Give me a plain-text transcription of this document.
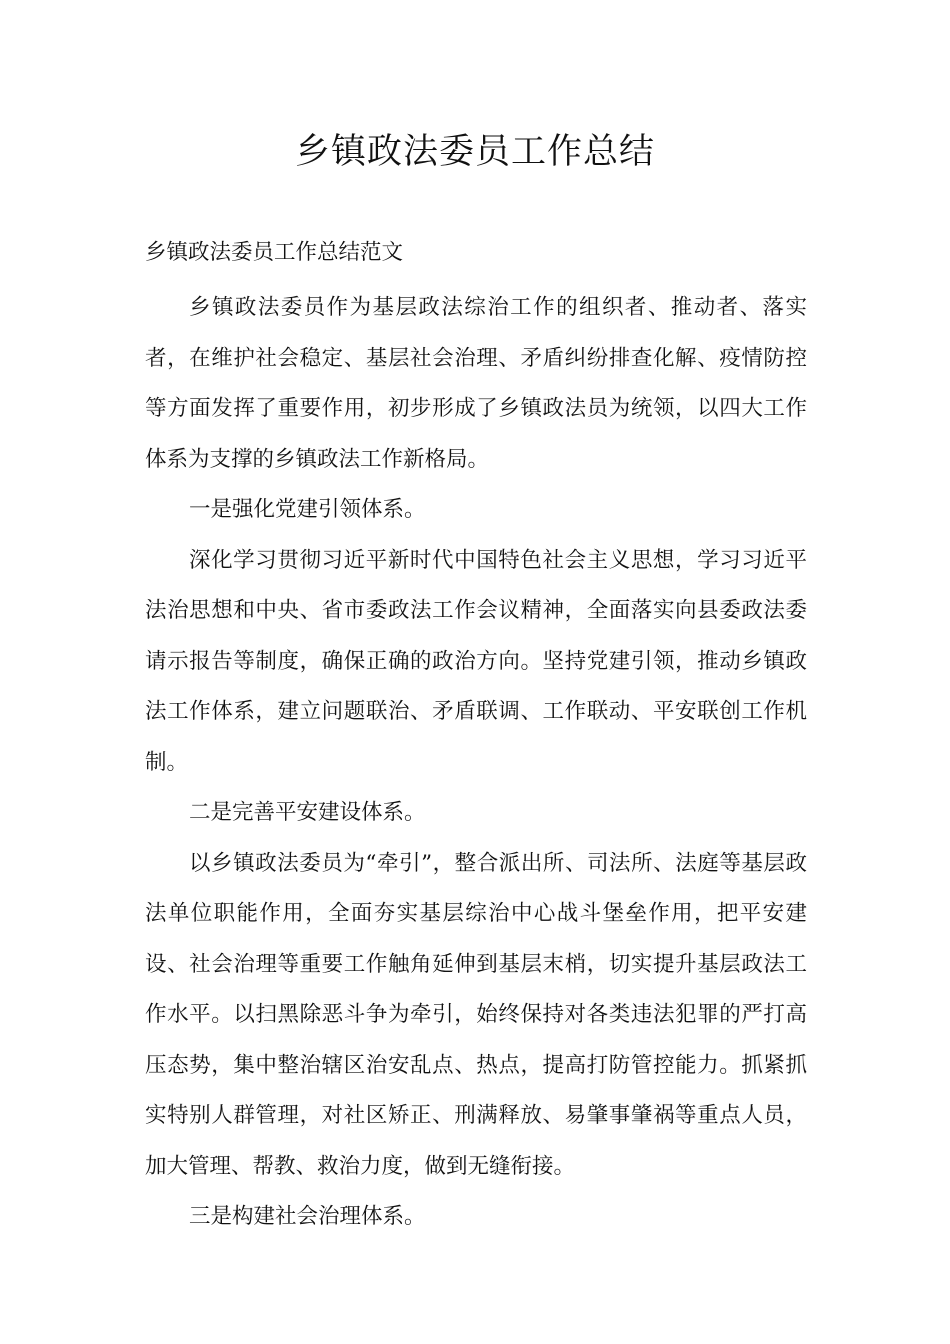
乡镇政法委员工作总结

乡镇政法委员工作总结范文

乡镇政法委员作为基层政法综治工作的组织者、推动者、落实者，在维护社会稳定、基层社会治理、矛盾纠纷排查化解、疫情防控等方面发挥了重要作用，初步形成了乡镇政法员为统领，以四大工作体系为支撑的乡镇政法工作新格局。

一是强化党建引领体系。

深化学习贯彻习近平新时代中国特色社会主义思想，学习习近平法治思想和中央、省市委政法工作会议精神，全面落实向县委政法委请示报告等制度，确保正确的政治方向。坚持党建引领，推动乡镇政法工作体系，建立问题联治、矛盾联调、工作联动、平安联创工作机制。

二是完善平安建设体系。

以乡镇政法委员为“牵引”，整合派出所、司法所、法庭等基层政法单位职能作用，全面夯实基层综治中心战斗堡垒作用，把平安建设、社会治理等重要工作触角延伸到基层末梢，切实提升基层政法工作水平。以扫黑除恶斗争为牵引，始终保持对各类违法犯罪的严打高压态势，集中整治辖区治安乱点、热点，提高打防管控能力。抓紧抓实特别人群管理，对社区矫正、刑满释放、易肇事肇祸等重点人员，加大管理、帮教、救治力度，做到无缝衔接。

三是构建社会治理体系。
